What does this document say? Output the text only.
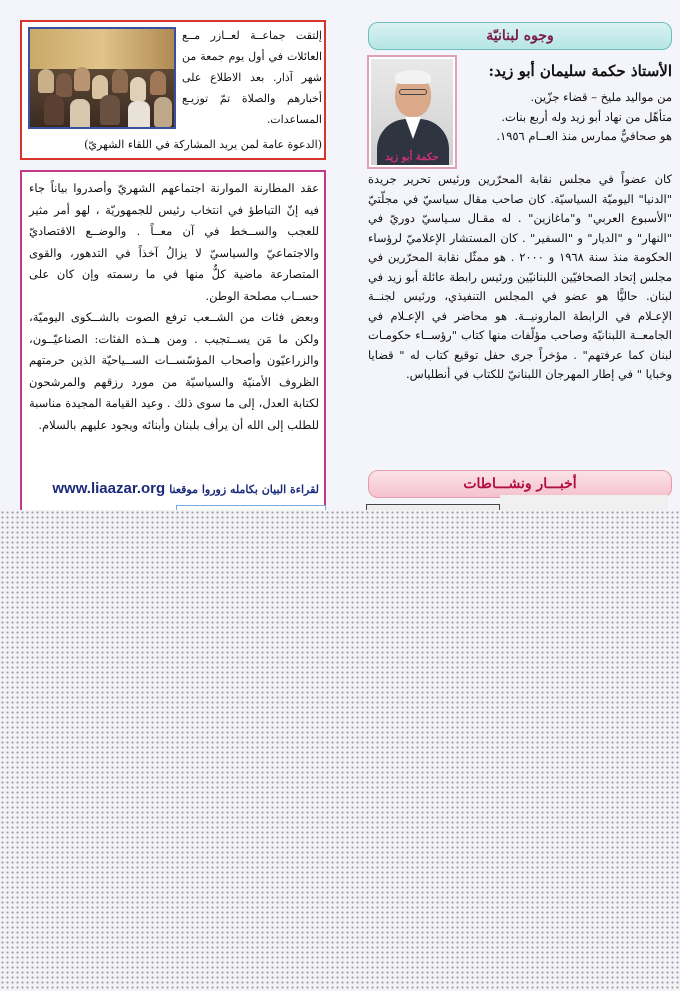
وجوه لبنانيّة
حكمة أبو زيد
الأستاذ حكمة سليمان أبو زيد:

من مواليد مليخ – قضاء جزّين.

متأهّل من نهاد أبو زيد وله أربع بنات.

هو صحافيٌّ ممارس منذ العــام ١٩٥٦.

كان عضواً في مجلس نقابة المحرّرين ورئيس تحرير جريدة "الدنيا" اليوميّة السياسيّة. كان صاحب مقال سياسيّ في مجلّتيّ "الأسبوع العربي" و"ماغازين" . له مقـال سـياسيّ دوريّ في "النهار" و "الديار" و "السفير" . كان المستشار الإعلاميّ لرؤساء الحكومة منذ سنة ١٩٦٨ و ٢٠٠٠ . هو ممثّل نقابة المحرّرين في مجلس إتحاد الصحافيّين اللبنانيّين ورئيس رابطة عائلة أبو زيد في لبنان. حاليًّا هو عضو في المجلس التنفيذي، ورئيس لجنــة الإعـلام في الرابطة المارونيــة. هو محاضر في الإعـلام في الجامعــة اللبنانيّة وصاحب مؤلّفات منها كتاب "رؤســاء حكومـات لبنان كما عرفتهم" . مؤخراً جرى حفل توقيع كتاب له " قضايا وخبايا " في إطار المهرجان اللبنانيّ للكتاب في أنطلياس.

أخبـــار ونشـــاطات
إلتقت جماعــة لعــازر مــع العائلات في أول يوم جمعة من شهر آذار. بعد الاطلاع على أخبارهم والصلاة تمّ توزيـع المساعدات.
(الدعوة عامة لمن يريد المشاركة في اللقاء الشهريّ)

عقد المطارنة الموارنة اجتماعهم الشهريّ وأصدروا بياناً جاء فيه إنّ التباطؤ في انتخاب رئيس للجمهوريّة ، لهو أمر مثير للعجب والســخط في آن معــاً . والوضــع الاقتصاديّ والاجتماعيّ والسياسيّ لا يزالُ آخذاً في التدهور، والقوى المتصارعة ماضية كلٌّ منها في ما رسمته وإن كان على حســاب مصلحة الوطن.

وبعض فئات من الشــعب ترفع الصوت بالشــكوى اليوميّة، ولكن ما مَن يســتجيب . ومن هــذه الفئات: الصناعيّــون، والزراعيّون وأصحاب المؤسّســات الســياحيّة الذين حرمتهم الظروف الأمنيّة والسياسيّة من مورد رزقهم والمرشحون لكتابة العدل، إلى ما سوى ذلك . وعيد القيامة المجيدة مناسبة للطلب إلى الله أن يرأف بلبنان وأبنائه ويجود عليهم بالسلام.

لقراءة البيان بكامله زوروا موقعنا
www.liaazar.org
